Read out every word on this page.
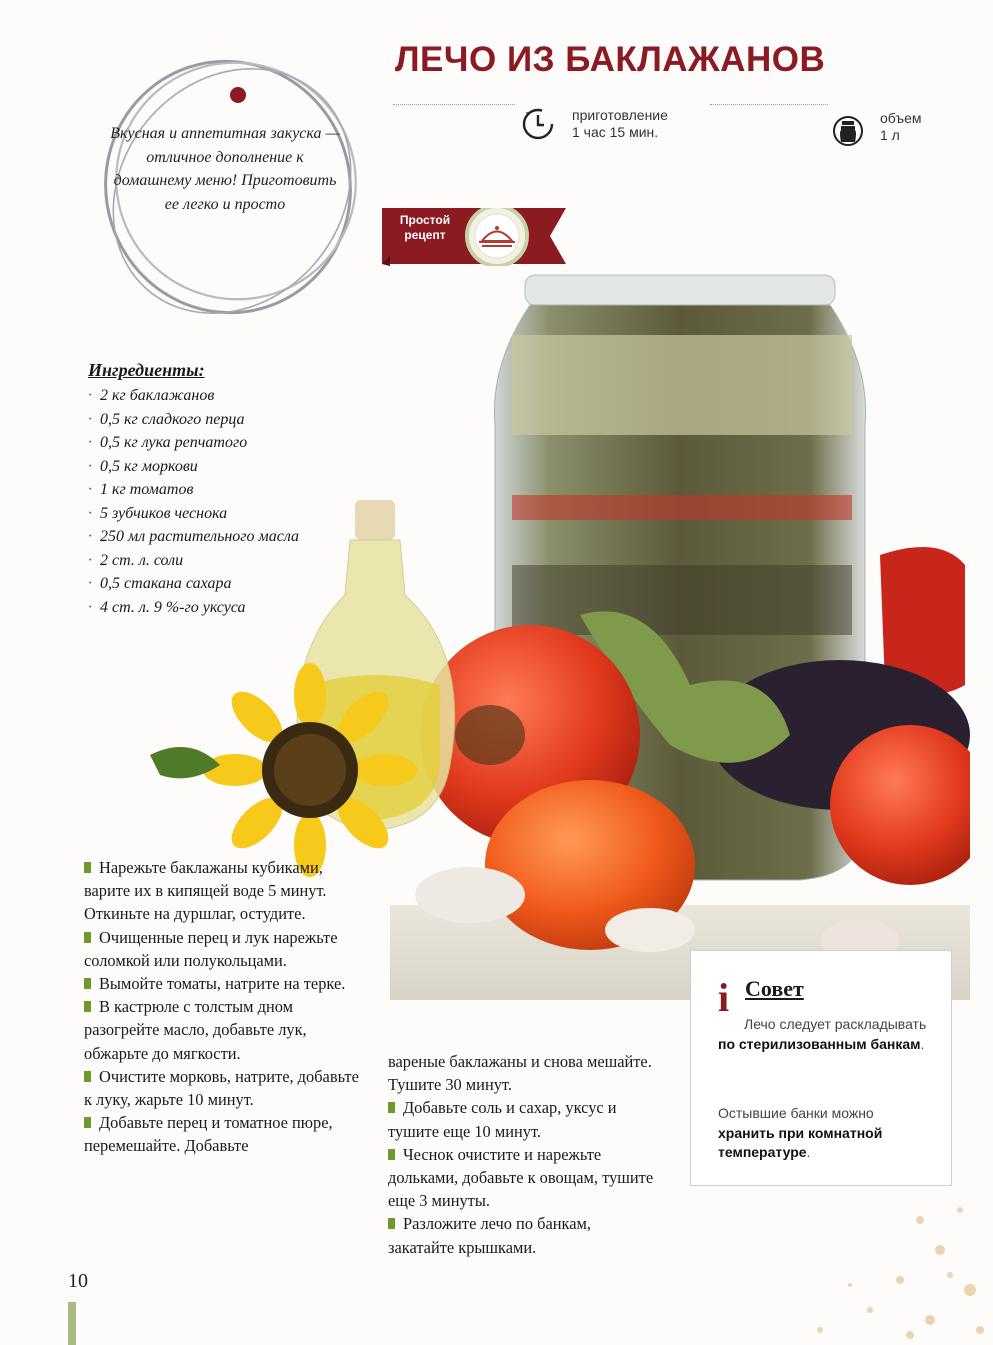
ЛЕЧО ИЗ БАКЛАЖАНОВ
приготовление
1 час 15 мин.
объем
1 л
Вкусная и аппетитная закуска — отличное дополнение к домашнему меню! Приготовить ее легко и просто
Простой
рецепт
Ингредиенты:
· 2 кг баклажанов
· 0,5 кг сладкого перца
· 0,5 кг лука репчатого
· 0,5 кг моркови
· 1 кг томатов
· 5 зубчиков чеснока
· 250 мл растительного масла
· 2 ст. л. соли
· 0,5 стакана сахара
· 4 ст. л. 9 %-го уксуса

Нарежьте баклажаны кубиками, варите их в кипящей воде 5 минут. Откиньте на дуршлаг, остудите.

Очищенные перец и лук нарежьте соломкой или полукольцами.

Вымойте томаты, натрите на терке.

В кастрюле с толстым дном разогрейте масло, добавьте лук, обжарьте до мягкости.

Очистите морковь, натрите, добавьте к луку, жарьте 10 минут.

Добавьте перец и томатное пюре, перемешайте. Добавьте

вареные баклажаны и снова мешайте. Тушите 30 минут.

Добавьте соль и сахар, уксус и тушите еще 10 минут.

Чеснок очистите и нарежьте дольками, добавьте к овощам, тушите еще 3 минуты.

Разложите лечо по банкам, закатайте крышками.

i Совет
Лечо следует раскладывать
по стерилизованным банкам.
Остывшие банки можно
хранить при комнатной температуре.
10
